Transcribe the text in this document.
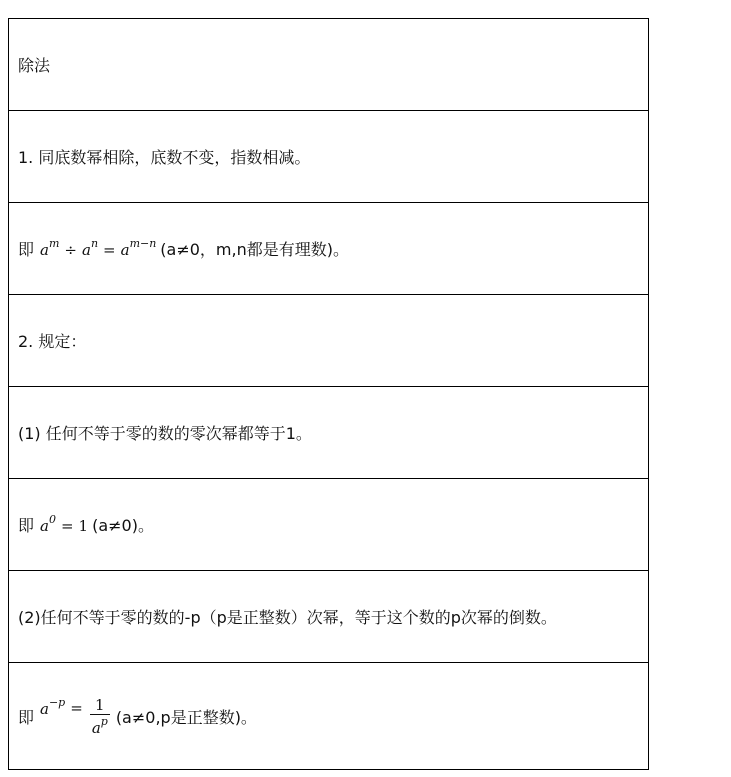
除法
1. 同底数幂相除，底数不变，指数相减。
即 $a^m \div a^n = a^{m-n}$ (a≠0，m,n都是有理数)。
2. 规定：
(1) 任何不等于零的数的零次幂都等于1。
即 $a^0 = 1$ (a≠0)。
(2)任何不等于零的数的-p（p是正整数）次幂，等于这个数的p次幂的倒数。
即 $a^{-p} = \frac{1}{a^p} (a\ne 0,p$是正整数)。
